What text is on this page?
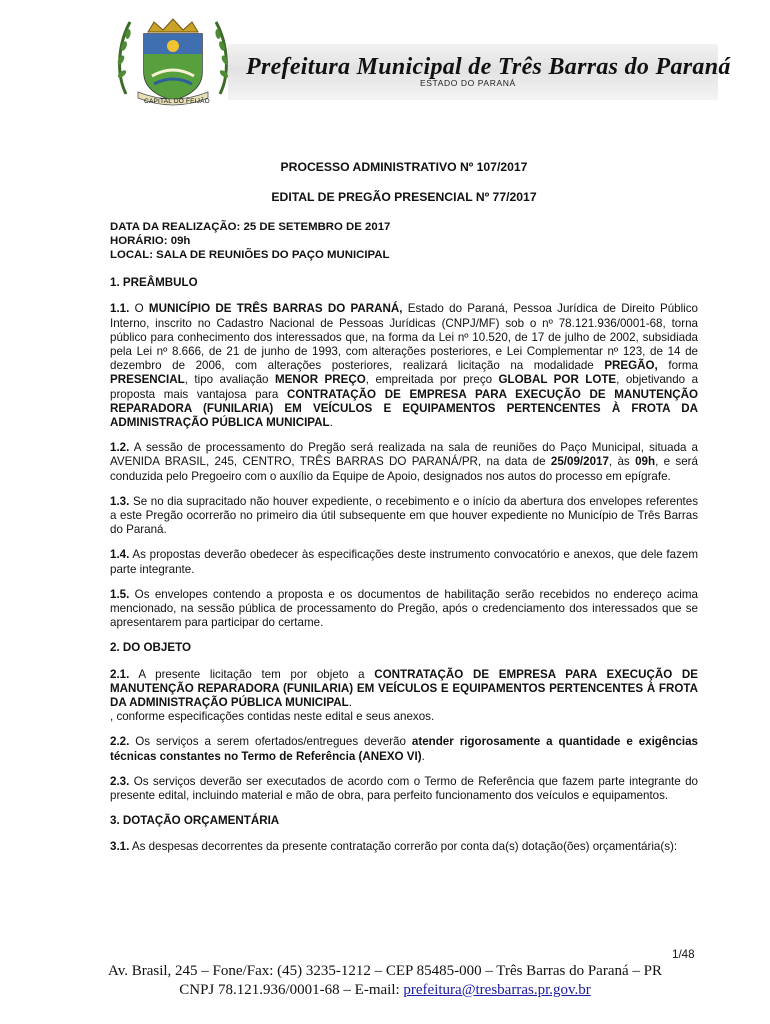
CAPITAL DO FEIJÃO
Prefeitura Municipal de Três Barras do Paraná
ESTADO DO PARANÁ

PROCESSO ADMINISTRATIVO Nº 107/2017

EDITAL DE PREGÃO PRESENCIAL Nº 77/2017

DATA DA REALIZAÇÃO: 25 DE SETEMBRO DE 2017

HORÁRIO: 09h

LOCAL: SALA DE REUNIÕES DO PAÇO MUNICIPAL

1. PREÂMBULO

1.1. O MUNICÍPIO DE TRÊS BARRAS DO PARANÁ, Estado do Paraná, Pessoa Jurídica de Direito Público Interno, inscrito no Cadastro Nacional de Pessoas Jurídicas (CNPJ/MF) sob o nº 78.121.936/0001-68, torna público para conhecimento dos interessados que, na forma da Lei nº 10.520, de 17 de julho de 2002, subsidiada pela Lei nº 8.666, de 21 de junho de 1993, com alterações posteriores, e Lei Complementar nº 123, de 14 de dezembro de 2006, com alterações posteriores, realizará licitação na modalidade PREGÃO, forma PRESENCIAL, tipo avaliação MENOR PREÇO, empreitada por preço GLOBAL POR LOTE, objetivando a proposta mais vantajosa para CONTRATAÇÃO DE EMPRESA PARA EXECUÇÃO DE MANUTENÇÃO REPARADORA (FUNILARIA) EM VEÍCULOS E EQUIPAMENTOS PERTENCENTES À FROTA DA ADMINISTRAÇÃO PÚBLICA MUNICIPAL.

1.2. A sessão de processamento do Pregão será realizada na sala de reuniões do Paço Municipal, situada a AVENIDA BRASIL, 245, CENTRO, TRÊS BARRAS DO PARANÁ/PR, na data de 25/09/2017, às 09h, e será conduzida pelo Pregoeiro com o auxílio da Equipe de Apoio, designados nos autos do processo em epígrafe.

1.3. Se no dia supracitado não houver expediente, o recebimento e o início da abertura dos envelopes referentes a este Pregão ocorrerão no primeiro dia útil subsequente em que houver expediente no Município de Três Barras do Paraná.

1.4. As propostas deverão obedecer às especificações deste instrumento convocatório e anexos, que dele fazem parte integrante.

1.5. Os envelopes contendo a proposta e os documentos de habilitação serão recebidos no endereço acima mencionado, na sessão pública de processamento do Pregão, após o credenciamento dos interessados que se apresentarem para participar do certame.

2. DO OBJETO

2.1. A presente licitação tem por objeto a CONTRATAÇÃO DE EMPRESA PARA EXECUÇÃO DE MANUTENÇÃO REPARADORA (FUNILARIA) EM VEÍCULOS E EQUIPAMENTOS PERTENCENTES À FROTA DA ADMINISTRAÇÃO PÚBLICA MUNICIPAL.
, conforme especificações contidas neste edital e seus anexos.

2.2. Os serviços a serem ofertados/entregues deverão atender rigorosamente a quantidade e exigências técnicas constantes no Termo de Referência (ANEXO VI).

2.3. Os serviços deverão ser executados de acordo com o Termo de Referência que fazem parte integrante do presente edital, incluindo material e mão de obra, para perfeito funcionamento dos veículos e equipamentos.

3. DOTAÇÃO ORÇAMENTÁRIA

3.1. As despesas decorrentes da presente contratação correrão por conta da(s) dotação(ões) orçamentária(s):

1/48
Av. Brasil, 245 – Fone/Fax: (45) 3235-1212 – CEP 85485-000 – Três Barras do Paraná – PR
CNPJ 78.121.936/0001-68 – E-mail: prefeitura@tresbarras.pr.gov.br
